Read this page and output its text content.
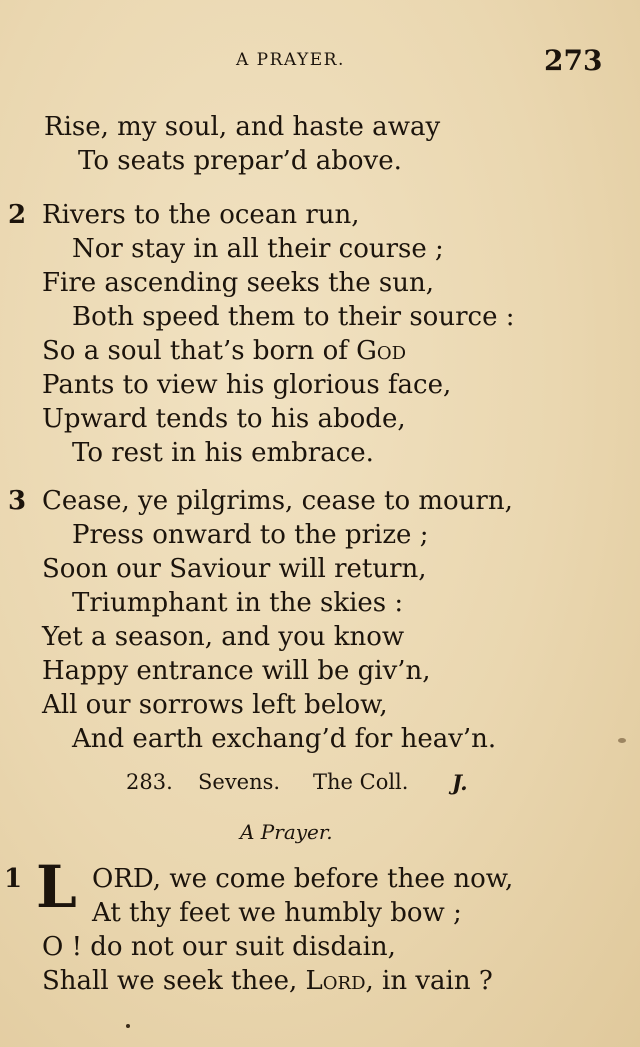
A PRAYER.	273
Rise, my soul, and haste away
To seats prepar’d above.
2 Rivers to the ocean run,
Nor stay in all their course ;
Fire ascending seeks the sun,
Both speed them to their source :
So a soul that’s born of God
Pants to view his glorious face,
Upward tends to his abode,
To rest in his embrace.
3 Cease, ye pilgrims, cease to mourn,
Press onward to the prize ;
Soon our Saviour will return,
Triumphant in the skies :
Yet a season, and you know
Happy entrance will be giv’n,
All our sorrows left below,
And earth exchang’d for heav’n.
283. Sevens. The Coll. J.
A Prayer.
1 L ORD, we come before thee now,
At thy feet we humbly bow ;
O ! do not our suit disdain,
Shall we seek thee, Lord, in vain ?
